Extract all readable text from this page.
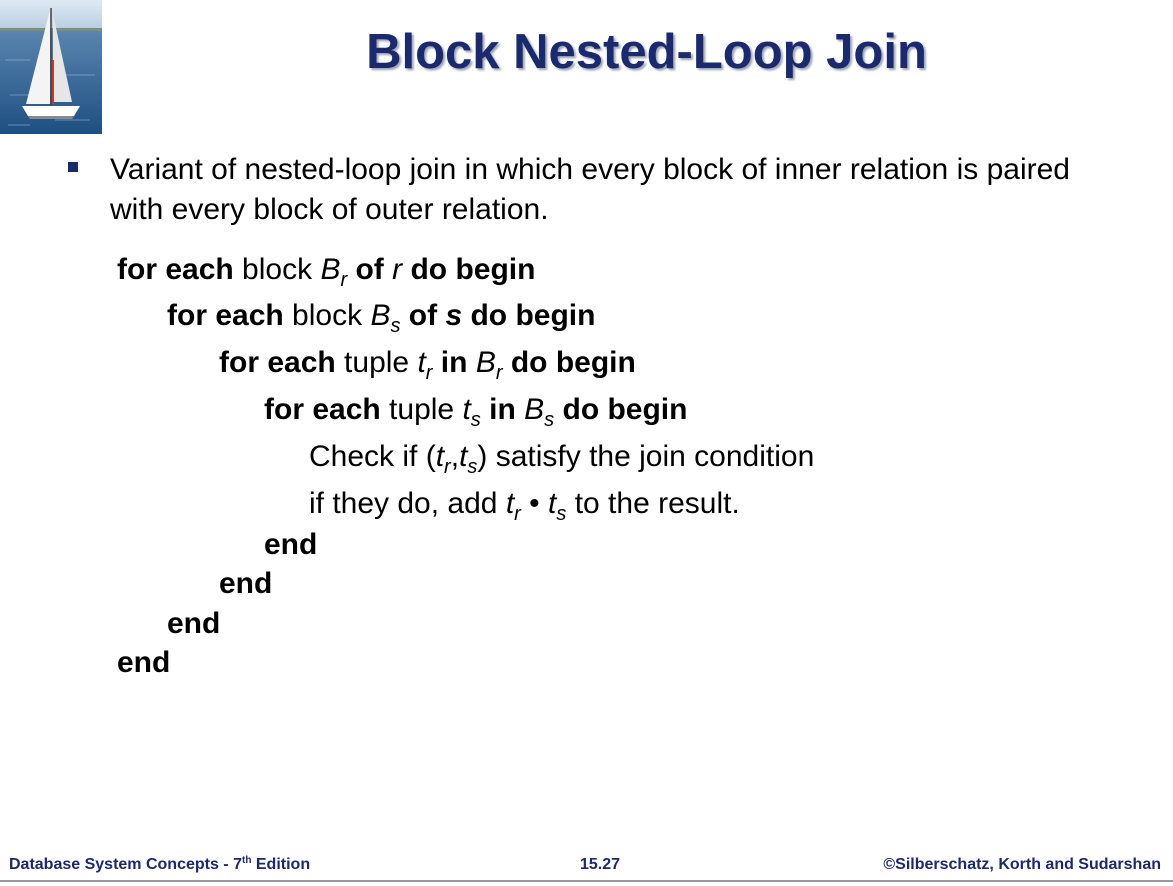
Block Nested-Loop Join
Variant of nested-loop join in which every block of inner relation is paired with every block of outer relation.
for each block $B_r$ of r do begin
for each block $B_s$ of s do begin
for each tuple $t_r$ in $B_r$ do begin
for each tuple $t_s$ in $B_s$ do begin
Check if $(t_r,t_s)$ satisfy the join condition
if they do, add $t_r$ • $t_s$ to the result.
end
end
end
end
Database System Concepts - 7th Edition	15.27	©Silberschatz, Korth and Sudarshan
